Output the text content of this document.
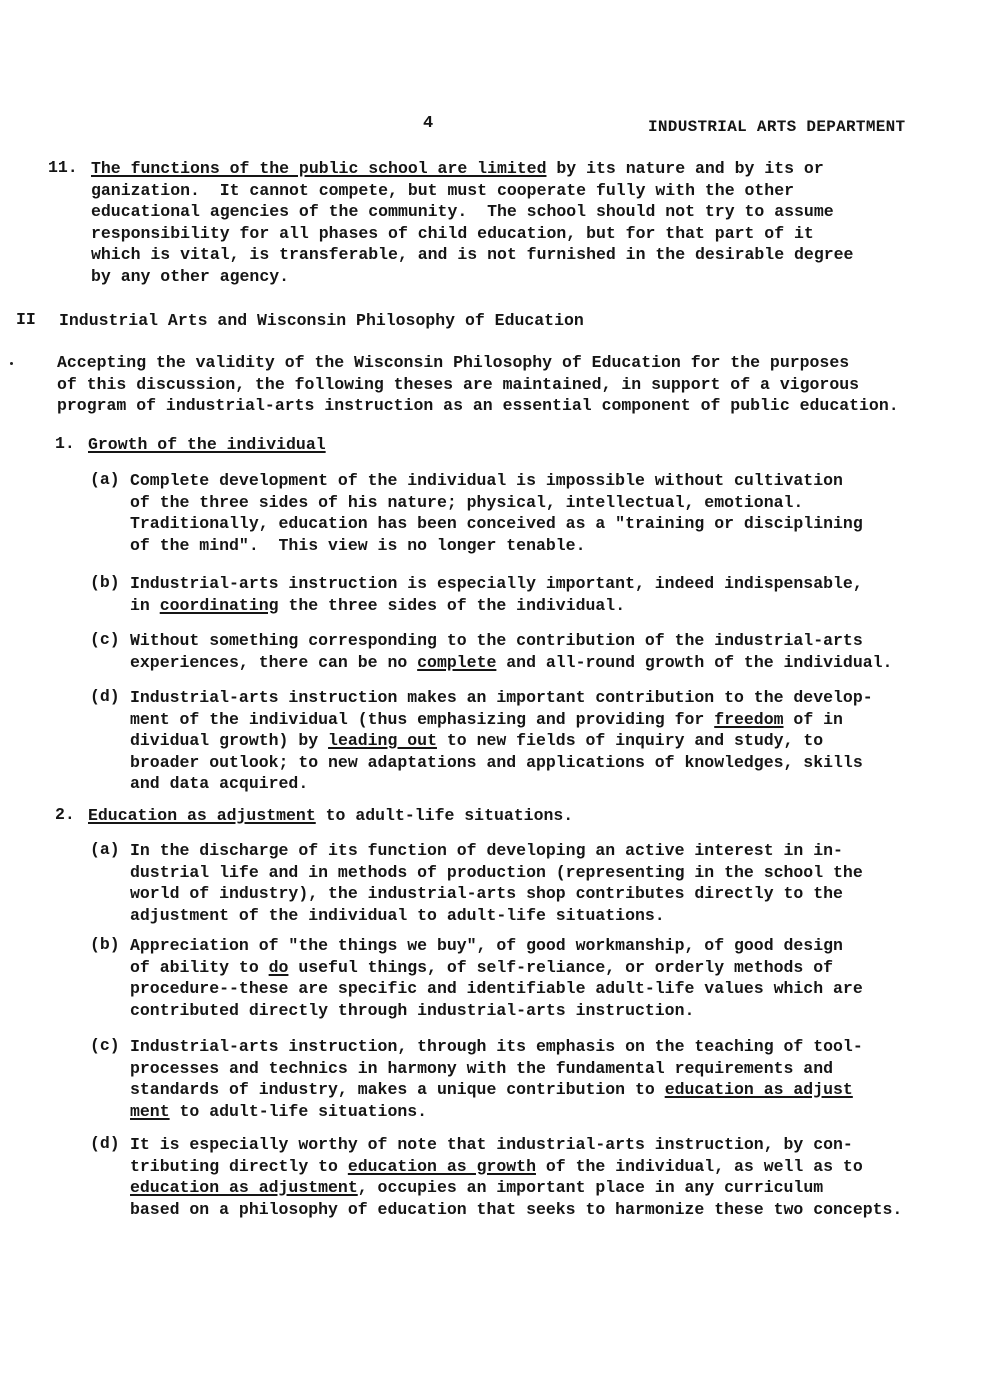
4	INDUSTRIAL ARTS DEPARTMENT
11. The functions of the public school are limited by its nature and by its or
ganization.  It cannot compete, but must cooperate fully with the other
educational agencies of the community.  The school should not try to assume
responsibility for all phases of child education, but for that part of it
which is vital, is transferable, and is not furnished in the desirable degree
by any other agency.
II Industrial Arts and Wisconsin Philosophy of Education
Accepting the validity of the Wisconsin Philosophy of Education for the purposes
of this discussion, the following theses are maintained, in support of a vigorous
program of industrial-arts instruction as an essential component of public education.
1. Growth of the individual
(a) Complete development of the individual is impossible without cultivation
of the three sides of his nature; physical, intellectual, emotional.
Traditionally, education has been conceived as a "training or disciplining
of the mind".  This view is no longer tenable.
(b) Industrial-arts instruction is especially important, indeed indispensable,
in coordinating the three sides of the individual.
(c) Without something corresponding to the contribution of the industrial-arts
experiences, there can be no complete and all-round growth of the individual.
(d) Industrial-arts instruction makes an important contribution to the develop-
ment of the individual (thus emphasizing and providing for freedom of in
dividual growth) by leading out to new fields of inquiry and study, to
broader outlook; to new adaptations and applications of knowledges, skills
and data acquired.
2. Education as adjustment to adult-life situations.
(a) In the discharge of its function of developing an active interest in in-
dustrial life and in methods of production (representing in the school the
world of industry), the industrial-arts shop contributes directly to the
adjustment of the individual to adult-life situations.
(b) Appreciation of "the things we buy", of good workmanship, of good design
of ability to do useful things, of self-reliance, or orderly methods of
procedure--these are specific and identifiable adult-life values which are
contributed directly through industrial-arts instruction.
(c) Industrial-arts instruction, through its emphasis on the teaching of tool-
processes and technics in harmony with the fundamental requirements and
standards of industry, makes a unique contribution to education as adjust
ment to adult-life situations.
(d) It is especially worthy of note that industrial-arts instruction, by con-
tributing directly to education as growth of the individual, as well as to
education as adjustment, occupies an important place in any curriculum
based on a philosophy of education that seeks to harmonize these two concepts.
